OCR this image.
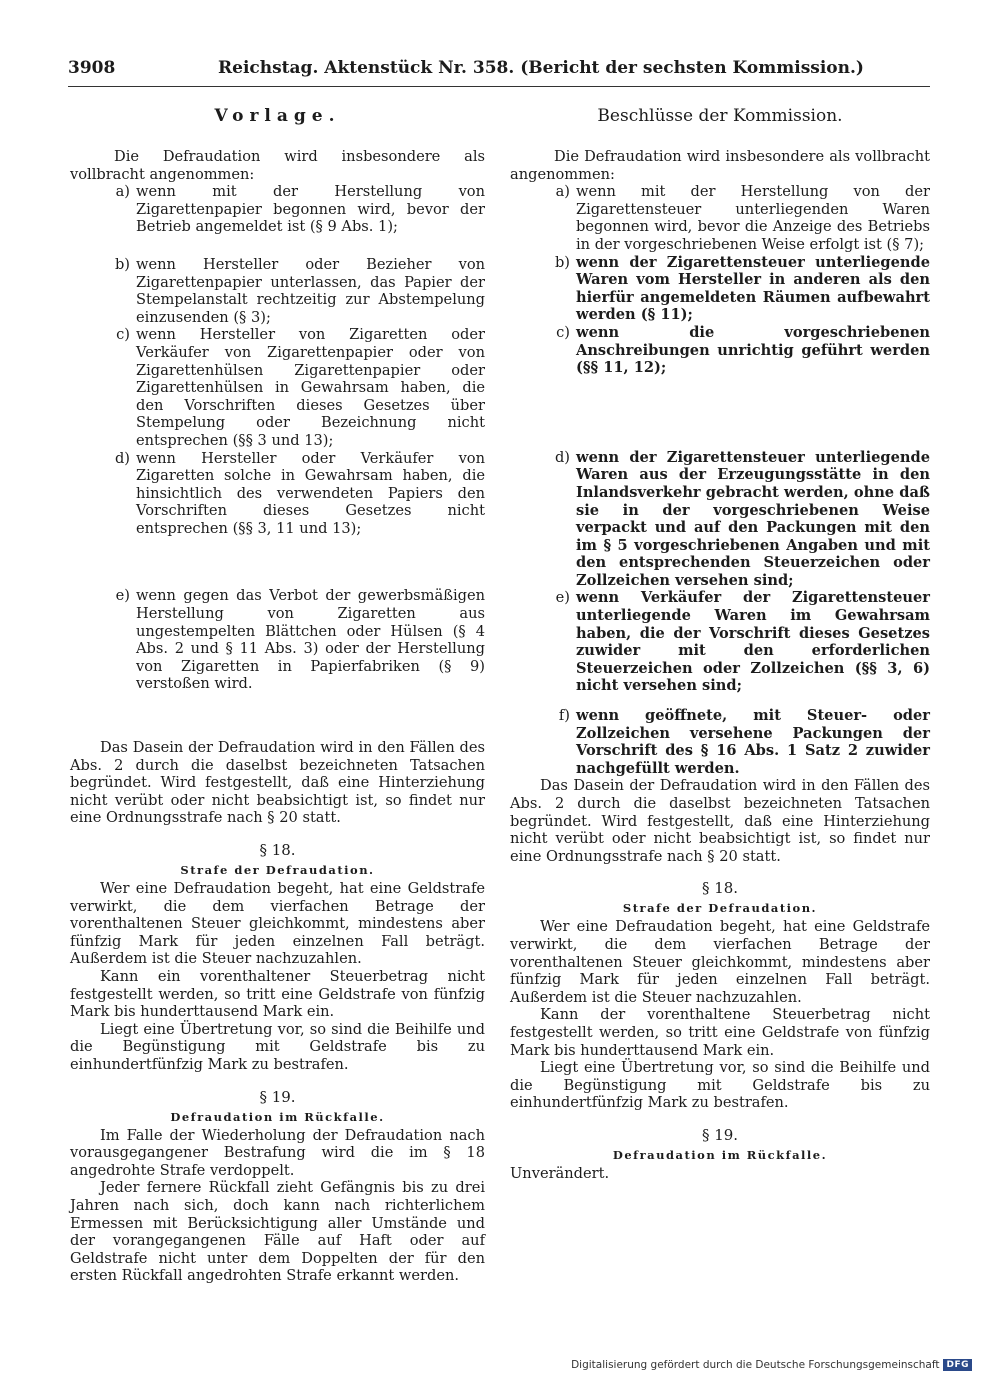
3908	Reichstag. Aktenstück Nr. 358. (Bericht der sechsten Kommission.)
Vorlage.

Die Defraudation wird insbesondere als vollbracht angenommen:

a) wenn mit der Herstellung von Zigarettenpapier begonnen wird, bevor der Betrieb angemeldet ist (§ 9 Abs. 1);
b) wenn Hersteller oder Bezieher von Zigarettenpapier unterlassen, das Papier der Stempelanstalt rechtzeitig zur Abstempelung einzusenden (§ 3);
c) wenn Hersteller von Zigaretten oder Verkäufer von Zigarettenpapier oder von Zigarettenhülsen Zigarettenpapier oder Zigarettenhülsen in Gewahrsam haben, die den Vorschriften dieses Gesetzes über Stempelung oder Bezeichnung nicht entsprechen (§§ 3 und 13);
d) wenn Hersteller oder Verkäufer von Zigaretten solche in Gewahrsam haben, die hinsichtlich des verwendeten Papiers den Vorschriften dieses Gesetzes nicht entsprechen (§§ 3, 11 und 13);
e) wenn gegen das Verbot der gewerbsmäßigen Herstellung von Zigaretten aus ungestempelten Blättchen oder Hülsen (§ 4 Abs. 2 und § 11 Abs. 3) oder der Herstellung von Zigaretten in Papierfabriken (§ 9) verstoßen wird.

Das Dasein der Defraudation wird in den Fällen des Abs. 2 durch die daselbst bezeichneten Tatsachen begründet. Wird festgestellt, daß eine Hinterziehung nicht verübt oder nicht beabsichtigt ist, so findet nur eine Ordnungsstrafe nach § 20 statt.

§ 18.
Strafe der Defraudation.

Wer eine Defraudation begeht, hat eine Geldstrafe verwirkt, die dem vierfachen Betrage der vorenthaltenen Steuer gleichkommt, mindestens aber fünfzig Mark für jeden einzelnen Fall beträgt. Außerdem ist die Steuer nachzuzahlen.

Kann ein vorenthaltener Steuerbetrag nicht festgestellt werden, so tritt eine Geldstrafe von fünfzig Mark bis hunderttausend Mark ein.

Liegt eine Übertretung vor, so sind die Beihilfe und die Begünstigung mit Geldstrafe bis zu einhundertfünfzig Mark zu bestrafen.

§ 19.
Defraudation im Rückfalle.

Im Falle der Wiederholung der Defraudation nach vorausgegangener Bestrafung wird die im § 18 angedrohte Strafe verdoppelt.

Jeder fernere Rückfall zieht Gefängnis bis zu drei Jahren nach sich, doch kann nach richterlichem Ermessen mit Berücksichtigung aller Umstände und der vorangegangenen Fälle auf Haft oder auf Geldstrafe nicht unter dem Doppelten der für den ersten Rückfall angedrohten Strafe erkannt werden.

Beschlüsse der Kommission.

Die Defraudation wird insbesondere als vollbracht angenommen:

a) wenn mit der Herstellung von der Zigarettensteuer unterliegenden Waren begonnen wird, bevor die Anzeige des Betriebs in der vorgeschriebenen Weise erfolgt ist (§ 7);
b) wenn der Zigarettensteuer unterliegende Waren vom Hersteller in anderen als den hierfür angemeldeten Räumen aufbewahrt werden (§ 11);
c) wenn die vorgeschriebenen Anschreibungen unrichtig geführt werden (§§ 11, 12);
d) wenn der Zigarettensteuer unterliegende Waren aus der Erzeugungsstätte in den Inlandsverkehr gebracht werden, ohne daß sie in der vorgeschriebenen Weise verpackt und auf den Packungen mit den im § 5 vorgeschriebenen Angaben und mit den entsprechenden Steuerzeichen oder Zollzeichen versehen sind;
e) wenn Verkäufer der Zigarettensteuer unterliegende Waren im Gewahrsam haben, die der Vorschrift dieses Gesetzes zuwider mit den erforderlichen Steuerzeichen oder Zollzeichen (§§ 3, 6) nicht versehen sind;
f) wenn geöffnete, mit Steuer- oder Zollzeichen versehene Packungen der Vorschrift des § 16 Abs. 1 Satz 2 zuwider nachgefüllt werden.

Das Dasein der Defraudation wird in den Fällen des Abs. 2 durch die daselbst bezeichneten Tatsachen begründet. Wird festgestellt, daß eine Hinterziehung nicht verübt oder nicht beabsichtigt ist, so findet nur eine Ordnungsstrafe nach § 20 statt.

§ 18.
Strafe der Defraudation.

Wer eine Defraudation begeht, hat eine Geldstrafe verwirkt, die dem vierfachen Betrage der vorenthaltenen Steuer gleichkommt, mindestens aber fünfzig Mark für jeden einzelnen Fall beträgt. Außerdem ist die Steuer nachzuzahlen.

Kann der vorenthaltene Steuerbetrag nicht festgestellt werden, so tritt eine Geldstrafe von fünfzig Mark bis hunderttausend Mark ein.

Liegt eine Übertretung vor, so sind die Beihilfe und die Begünstigung mit Geldstrafe bis zu einhundertfünfzig Mark zu bestrafen.

§ 19.
Defraudation im Rückfalle.

Unverändert.

Digitalisierung gefördert durch die Deutsche Forschungsgemeinschaft DFG
